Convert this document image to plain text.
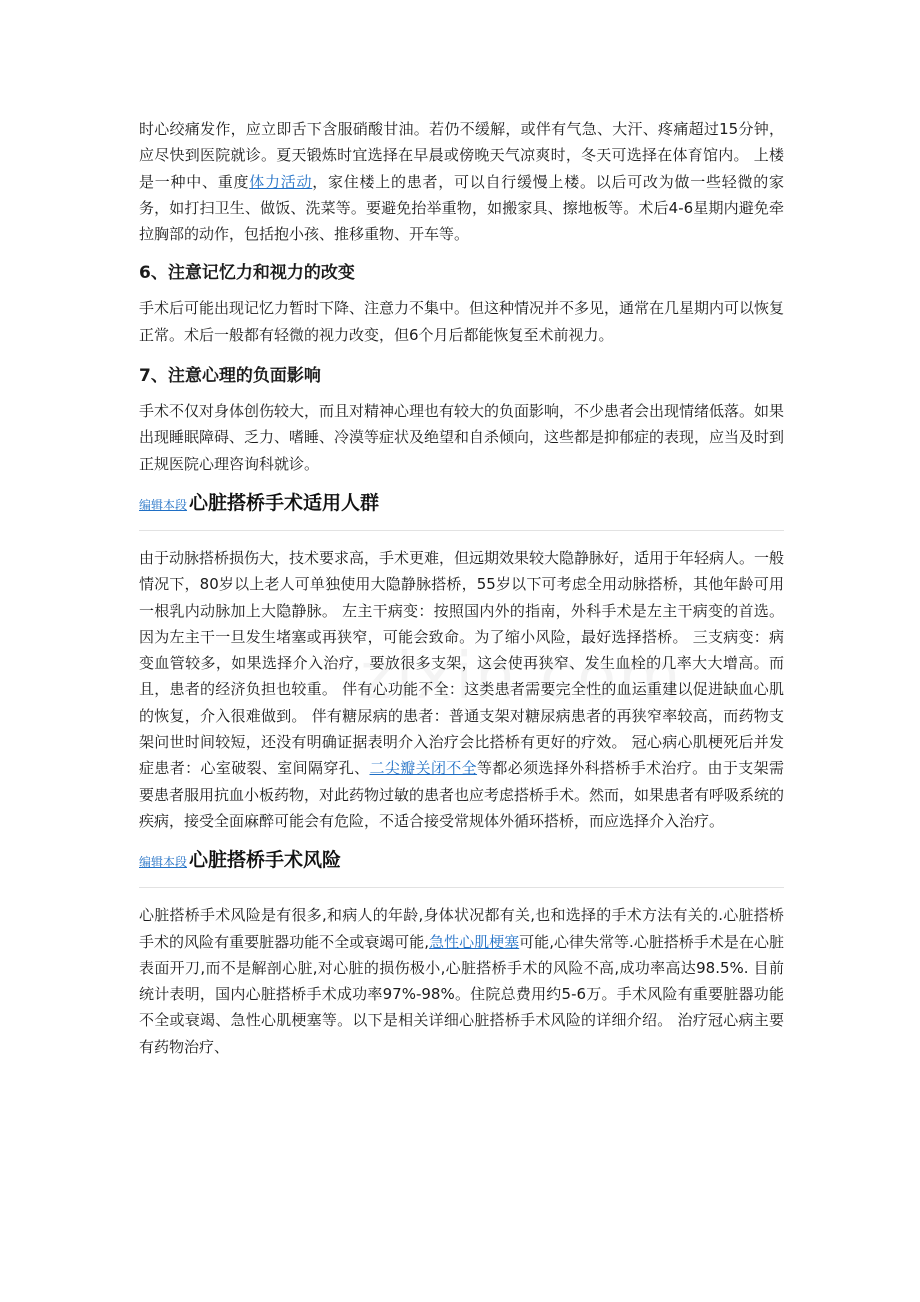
时心绞痛发作，应立即舌下含服硝酸甘油。若仍不缓解，或伴有气急、大汗、疼痛超过15分钟，应尽快到医院就诊。夏天锻炼时宜选择在早晨或傍晚天气凉爽时，冬天可选择在体育馆内。 上楼是一种中、重度体力活动，家住楼上的患者，可以自行缓慢上楼。以后可改为做一些轻微的家务，如打扫卫生、做饭、洗菜等。要避免抬举重物，如搬家具、擦地板等。术后4-6星期内避免牵拉胸部的动作，包括抱小孩、推移重物、开车等。

6、注意记忆力和视力的改变

手术后可能出现记忆力暂时下降、注意力不集中。但这种情况并不多见，通常在几星期内可以恢复正常。术后一般都有轻微的视力改变，但6个月后都能恢复至术前视力。

7、注意心理的负面影响

手术不仅对身体创伤较大，而且对精神心理也有较大的负面影响，不少患者会出现情绪低落。如果出现睡眠障碍、乏力、嗜睡、冷漠等症状及绝望和自杀倾向，这些都是抑郁症的表现，应当及时到正规医院心理咨询科就诊。

编辑本段 心脏搭桥手术适用人群

由于动脉搭桥损伤大，技术要求高，手术更难，但远期效果较大隐静脉好，适用于年轻病人。一般情况下，80岁以上老人可单独使用大隐静脉搭桥，55岁以下可考虑全用动脉搭桥，其他年龄可用一根乳内动脉加上大隐静脉。 左主干病变：按照国内外的指南，外科手术是左主干病变的首选。因为左主干一旦发生堵塞或再狭窄，可能会致命。为了缩小风险，最好选择搭桥。 三支病变：病变血管较多，如果选择介入治疗，要放很多支架，这会使再狭窄、发生血栓的几率大大增高。而且，患者的经济负担也较重。 伴有心功能不全：这类患者需要完全性的血运重建以促进缺血心肌的恢复，介入很难做到。 伴有糖尿病的患者：普通支架对糖尿病患者的再狭窄率较高，而药物支架问世时间较短，还没有明确证据表明介入治疗会比搭桥有更好的疗效。 冠心病心肌梗死后并发症患者：心室破裂、室间隔穿孔、二尖瓣关闭不全等都必须选择外科搭桥手术治疗。由于支架需要患者服用抗血小板药物，对此药物过敏的患者也应考虑搭桥手术。然而，如果患者有呼吸系统的疾病，接受全面麻醉可能会有危险，不适合接受常规体外循环搭桥，而应选择介入治疗。

编辑本段 心脏搭桥手术风险

心脏搭桥手术风险是有很多,和病人的年龄,身体状况都有关,也和选择的手术方法有关的.心脏搭桥手术的风险有重要脏器功能不全或衰竭可能,急性心肌梗塞可能,心律失常等.心脏搭桥手术是在心脏表面开刀,而不是解剖心脏,对心脏的损伤极小,心脏搭桥手术的风险不高,成功率高达98.5%. 目前统计表明，国内心脏搭桥手术成功率97%-98%。住院总费用约5-6万。手术风险有重要脏器功能不全或衰竭、急性心肌梗塞等。以下是相关详细心脏搭桥手术风险的详细介绍。 治疗冠心病主要有药物治疗、
